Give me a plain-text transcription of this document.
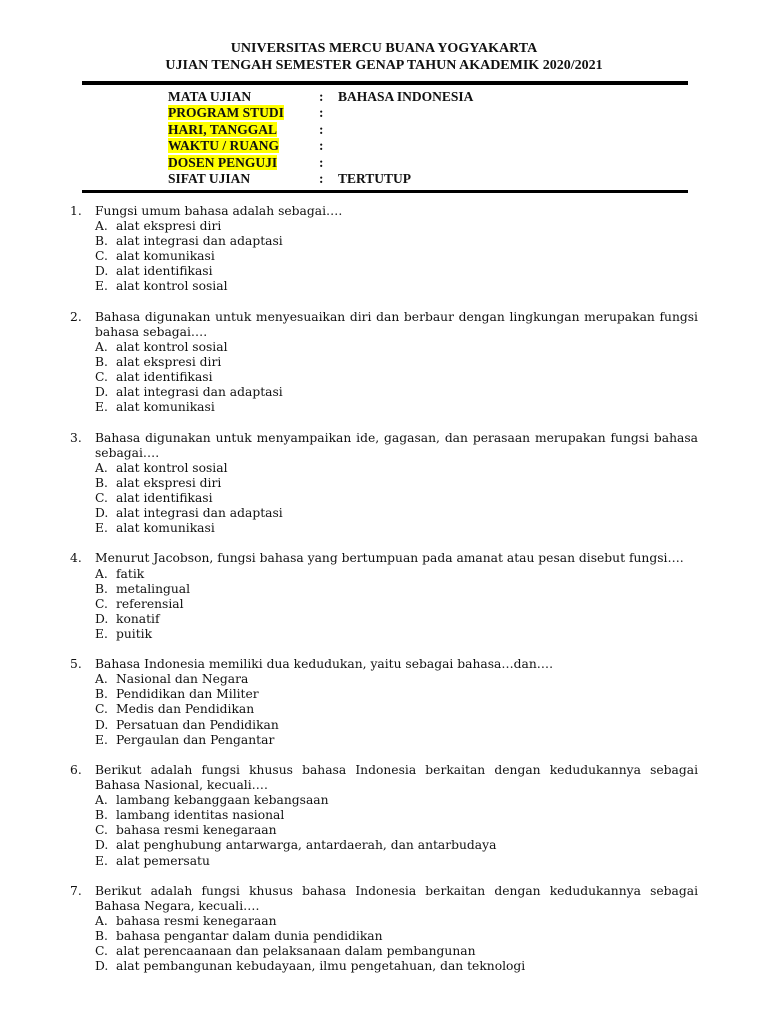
UNIVERSITAS MERCU BUANA YOGYAKARTA
UJIAN TENGAH SEMESTER GENAP TAHUN AKADEMIK 2020/2021
MATA UJIAN	: BAHASA INDONESIA
PROGRAM STUDI	:
HARI, TANGGAL	:
WAKTU / RUANG	:
DOSEN PENGUJI	:
SIFAT UJIAN	: TERTUTUP
1. Fungsi umum bahasa adalah sebagai….
A. alat ekspresi diri
B. alat integrasi dan adaptasi
C. alat komunikasi
D. alat identifikasi
E. alat kontrol sosial
2. Bahasa digunakan untuk menyesuaikan diri dan berbaur dengan lingkungan merupakan fungsi bahasa sebagai….
A. alat kontrol sosial
B. alat ekspresi diri
C. alat identifikasi
D. alat integrasi dan adaptasi
E. alat komunikasi
3. Bahasa digunakan untuk menyampaikan ide, gagasan, dan perasaan merupakan fungsi bahasa sebagai….
A. alat kontrol sosial
B. alat ekspresi diri
C. alat identifikasi
D. alat integrasi dan adaptasi
E. alat komunikasi
4. Menurut Jacobson, fungsi bahasa yang bertumpuan pada amanat atau pesan disebut fungsi….
A. fatik
B. metalingual
C. referensial
D. konatif
E. puitik
5. Bahasa Indonesia memiliki dua kedudukan, yaitu sebagai bahasa…dan….
A. Nasional dan Negara
B. Pendidikan dan Militer
C. Medis dan Pendidikan
D. Persatuan dan Pendidikan
E. Pergaulan dan Pengantar
6. Berikut adalah fungsi khusus bahasa Indonesia berkaitan dengan kedudukannya sebagai Bahasa Nasional, kecuali….
A. lambang kebanggaan kebangsaan
B. lambang identitas nasional
C. bahasa resmi kenegaraan
D. alat penghubung antarwarga, antardaerah, dan antarbudaya
E. alat pemersatu
7. Berikut adalah fungsi khusus bahasa Indonesia berkaitan dengan kedudukannya sebagai Bahasa Negara, kecuali….
A. bahasa resmi kenegaraan
B. bahasa pengantar dalam dunia pendidikan
C. alat perencaanaan dan pelaksanaan dalam pembangunan
D. alat pembangunan kebudayaan, ilmu pengetahuan, dan teknologi
